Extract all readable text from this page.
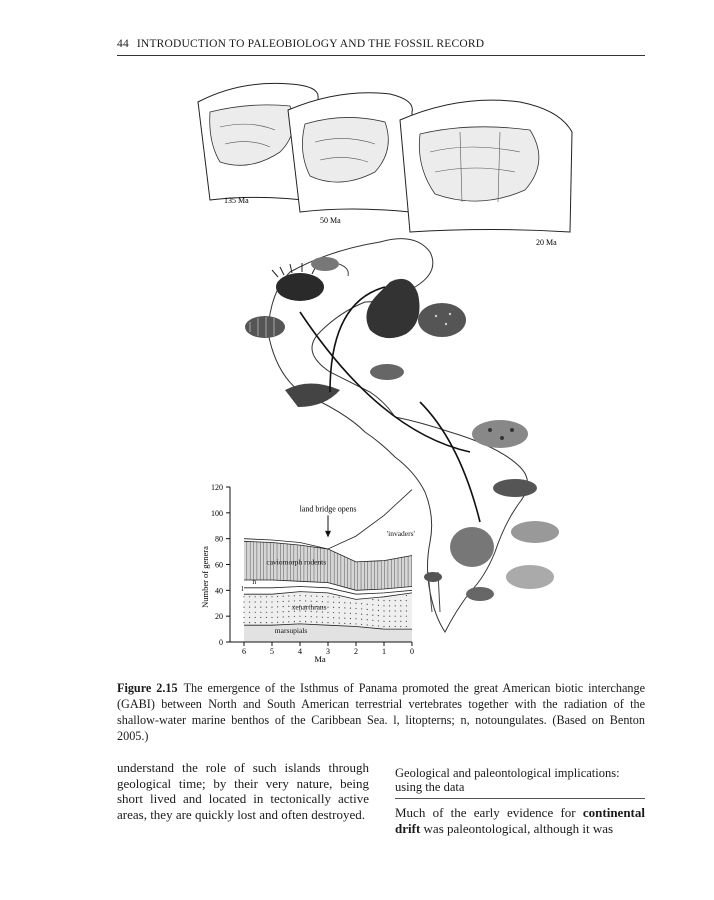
44 INTRODUCTION TO PALEOBIOLOGY AND THE FOSSIL RECORD
135 Ma
50 Ma
20 Ma
0
20
40
60
80
100
120
6	5	4	3	2	1	0
Number of genera
Ma
land bridge opens
marsupials
xenarthrans
n
l
caviomorph rodents
'invaders'
Figure 2.15 The emergence of the Isthmus of Panama promoted the great American biotic interchange (GABI) between North and South American terrestrial vertebrates together with the radiation of the shallow-water marine benthos of the Caribbean Sea. l, litopterns; n, notoungulates. (Based on Benton 2005.)

understand the role of such islands through geological time; by their very nature, being short lived and located in tectonically active areas, they are quickly lost and often destroyed.

Geological and paleontological implications: using the data

Much of the early evidence for continental drift was paleontological, although it was
